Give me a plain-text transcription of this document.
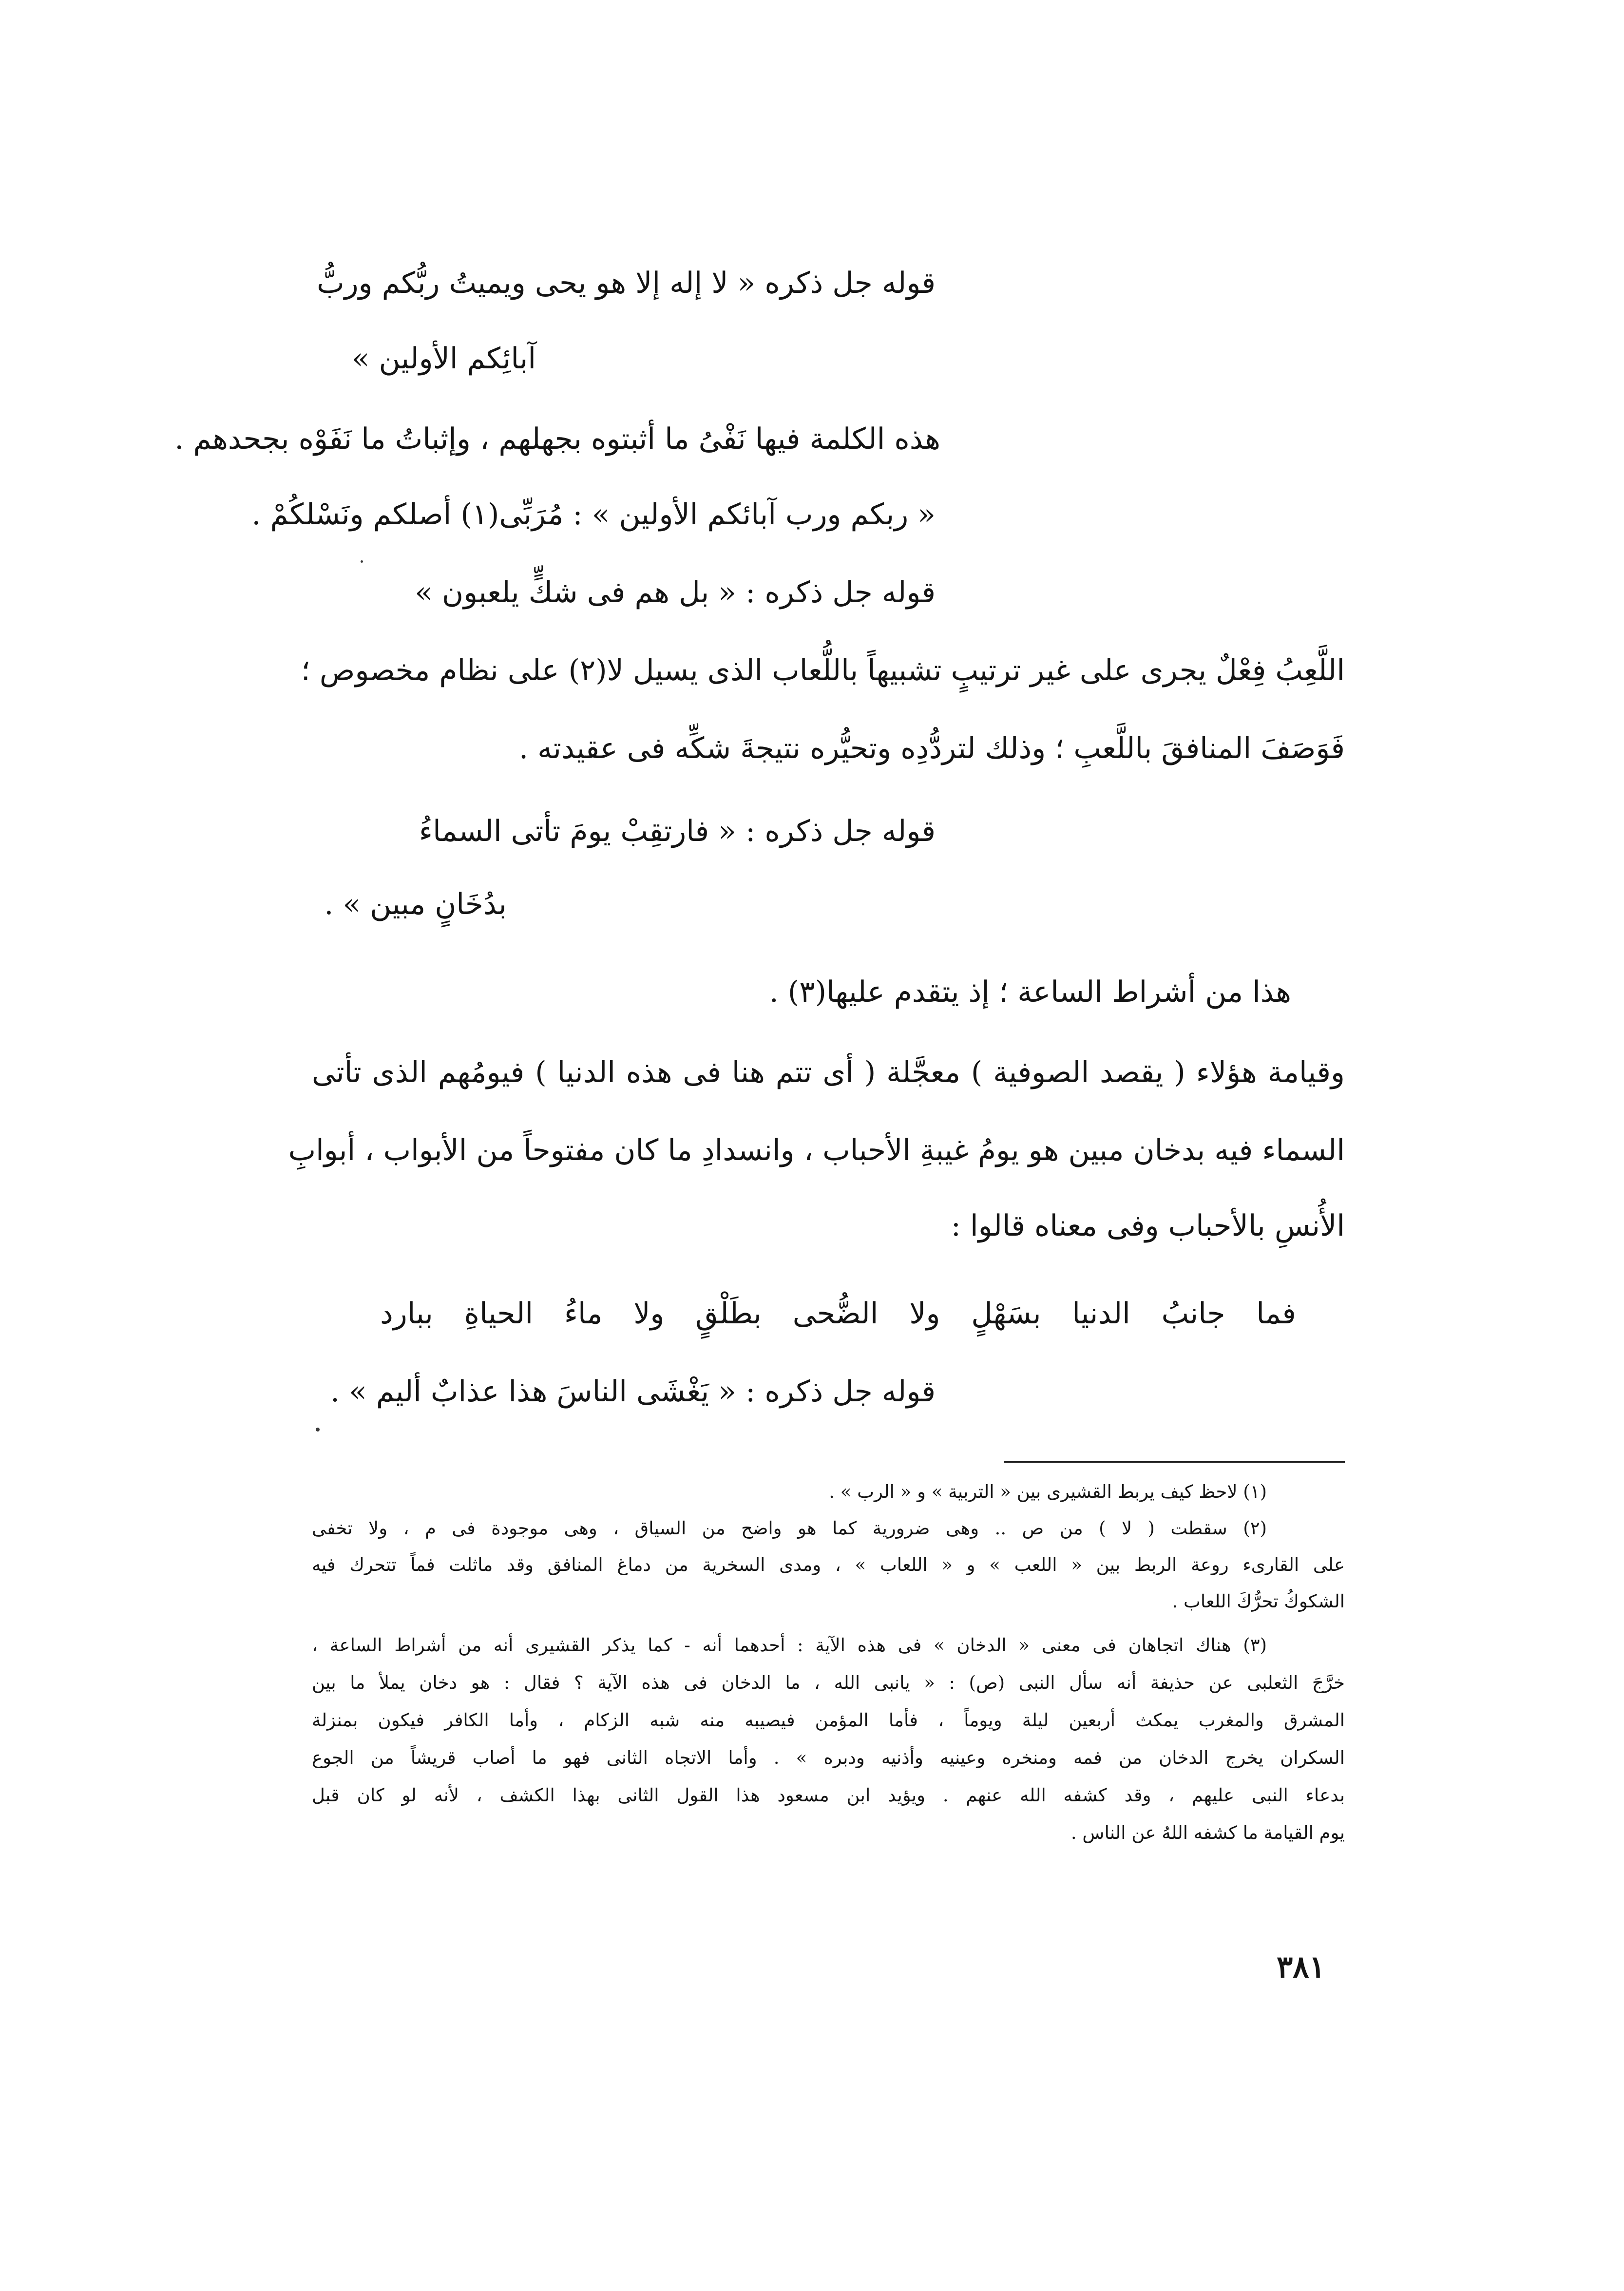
قوله جل ذكره « لا إله إلا هو يحى ويميتُ ربُّكم وربُّ
آبائِكم الأولين »
هذه الكلمة فيها نَفْىُ ما أثبتوه بجهلهم ، وإثباتُ ما نَفَوْه بجحدهم .
« ربكم ورب آبائكم الأولين » : مُرَبِّى(١) أصلكم ونَسْلكُمْ .
قوله جل ذكره : « بل هم فى شكٍّ يلعبون »
اللَّعِبُ فِعْلٌ يجرى على غير ترتيبٍ تشبيهاً باللُّعاب الذى يسيل لا(٢) على نظام مخصوص ؛
فَوَصَفَ المنافقَ باللَّعبِ ؛ وذلك لتردُّدِه وتحيُّره نتيجةَ شكِّه فى عقيدته .
قوله جل ذكره : « فارتقِبْ يومَ تأتى السماءُ
بدُخَانٍ مبين » .
هذا من أشراط الساعة ؛ إذ يتقدم عليها(٣) .
وقيامة هؤلاء ( يقصد الصوفية ) معجَّلة ( أى تتم هنا فى هذه الدنيا ) فيومُهم الذى تأتى
السماء فيه بدخان مبين هو يومُ غيبةِ الأحباب ، وانسدادِ ما كان مفتوحاً من الأبواب ، أبوابِ
الأُنسِ بالأحباب وفى معناه قالوا :
فما جانبُ الدنيا بسَهْلٍ ولا الضُّحى بطَلْقٍ ولا ماءُ الحياةِ ببارد
قوله جل ذكره : « يَغْشَى الناسَ هذا عذابٌ أليم » .
(١) لاحظ كيف يربط القشيرى بين « التربية » و « الرب » .
(٢) سقطت ( لا ) من ص .. وهى ضرورية كما هو واضح من السياق ، وهى موجودة فى م ، ولا تخفى
على القارىء روعة الربط بين « اللعب » و « اللعاب » ، ومدى السخرية من دماغ المنافق وقد ماثلت فماً تتحرك فيه
الشكوكُ تحرُّكَ اللعاب .
(٣) هناك اتجاهان فى معنى « الدخان » فى هذه الآية : أحدهما أنه - كما يذكر القشيرى أنه من أشراط الساعة ،
خرَّجَ الثعلبى عن حذيفة أنه سأل النبى (ص) : « يانبى الله ، ما الدخان فى هذه الآية ؟ فقال : هو دخان يملأ ما بين
المشرق والمغرب يمكث أربعين ليلة ويوماً ، فأما المؤمن فيصيبه منه شبه الزكام ، وأما الكافر فيكون بمنزلة
السكران يخرج الدخان من فمه ومنخره وعينيه وأذنيه ودبره » . وأما الاتجاه الثانى فهو ما أصاب قريشاً من الجوع
بدعاء النبى عليهم ، وقد كشفه الله عنهم . ويؤيد ابن مسعود هذا القول الثانى بهذا الكشف ، لأنه لو كان قبل
يوم القيامة ما كشفه اللهُ عن الناس .
٣٨١
